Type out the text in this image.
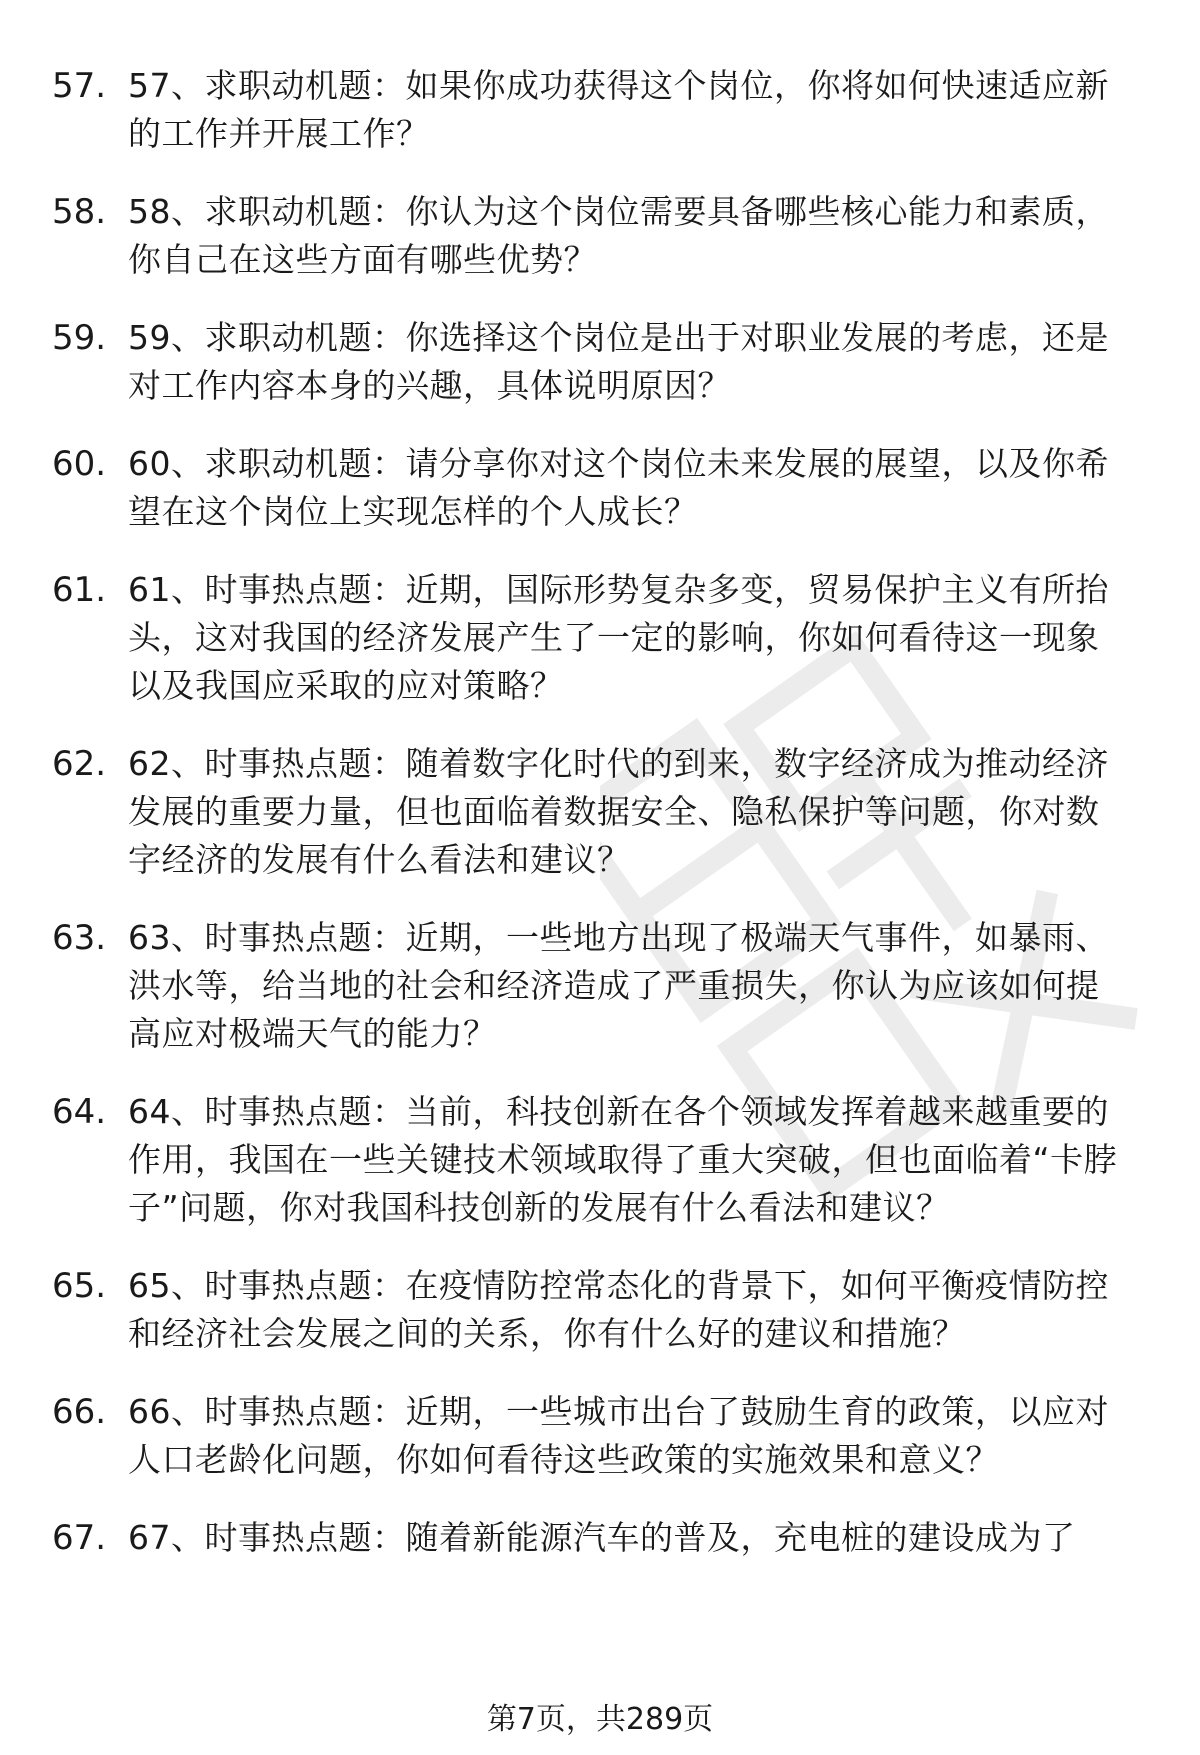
57. 57、求职动机题：如果你成功获得这个岗位，你将如何快速适应新的工作并开展工作？
58. 58、求职动机题：你认为这个岗位需要具备哪些核心能力和素质，你自己在这些方面有哪些优势？
59. 59、求职动机题：你选择这个岗位是出于对职业发展的考虑，还是对工作内容本身的兴趣，具体说明原因？
60. 60、求职动机题：请分享你对这个岗位未来发展的展望，以及你希望在这个岗位上实现怎样的个人成长？
61. 61、时事热点题：近期，国际形势复杂多变，贸易保护主义有所抬头，这对我国的经济发展产生了一定的影响，你如何看待这一现象以及我国应采取的应对策略？
62. 62、时事热点题：随着数字化时代的到来，数字经济成为推动经济发展的重要力量，但也面临着数据安全、隐私保护等问题，你对数字经济的发展有什么看法和建议？
63. 63、时事热点题：近期，一些地方出现了极端天气事件，如暴雨、洪水等，给当地的社会和经济造成了严重损失，你认为应该如何提高应对极端天气的能力？
64. 64、时事热点题：当前，科技创新在各个领域发挥着越来越重要的作用，我国在一些关键技术领域取得了重大突破，但也面临着“卡脖子”问题，你对我国科技创新的发展有什么看法和建议？
65. 65、时事热点题：在疫情防控常态化的背景下，如何平衡疫情防控和经济社会发展之间的关系，你有什么好的建议和措施？
66. 66、时事热点题：近期，一些城市出台了鼓励生育的政策，以应对人口老龄化问题，你如何看待这些政策的实施效果和意义？
67. 67、时事热点题：随着新能源汽车的普及，充电桩的建设成为了
第7页，共289页
